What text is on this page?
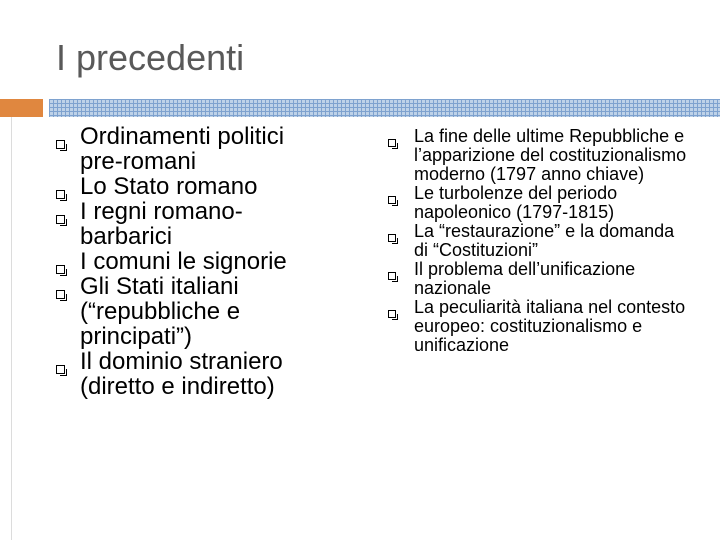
I precedenti
Ordinamenti politici pre-romani
Lo Stato romano
I regni romano-barbarici
I comuni le signorie
Gli Stati italiani (“repubbliche e principati”)
Il dominio straniero (diretto e indiretto)
La fine delle ultime Repubbliche e l’apparizione del costituzionalismo moderno (1797 anno chiave)
Le turbolenze del periodo napoleonico (1797-1815)
La “restaurazione” e la domanda di “Costituzioni”
Il problema dell’unificazione nazionale
La peculiarità italiana nel contesto europeo: costituzionalismo e unificazione
